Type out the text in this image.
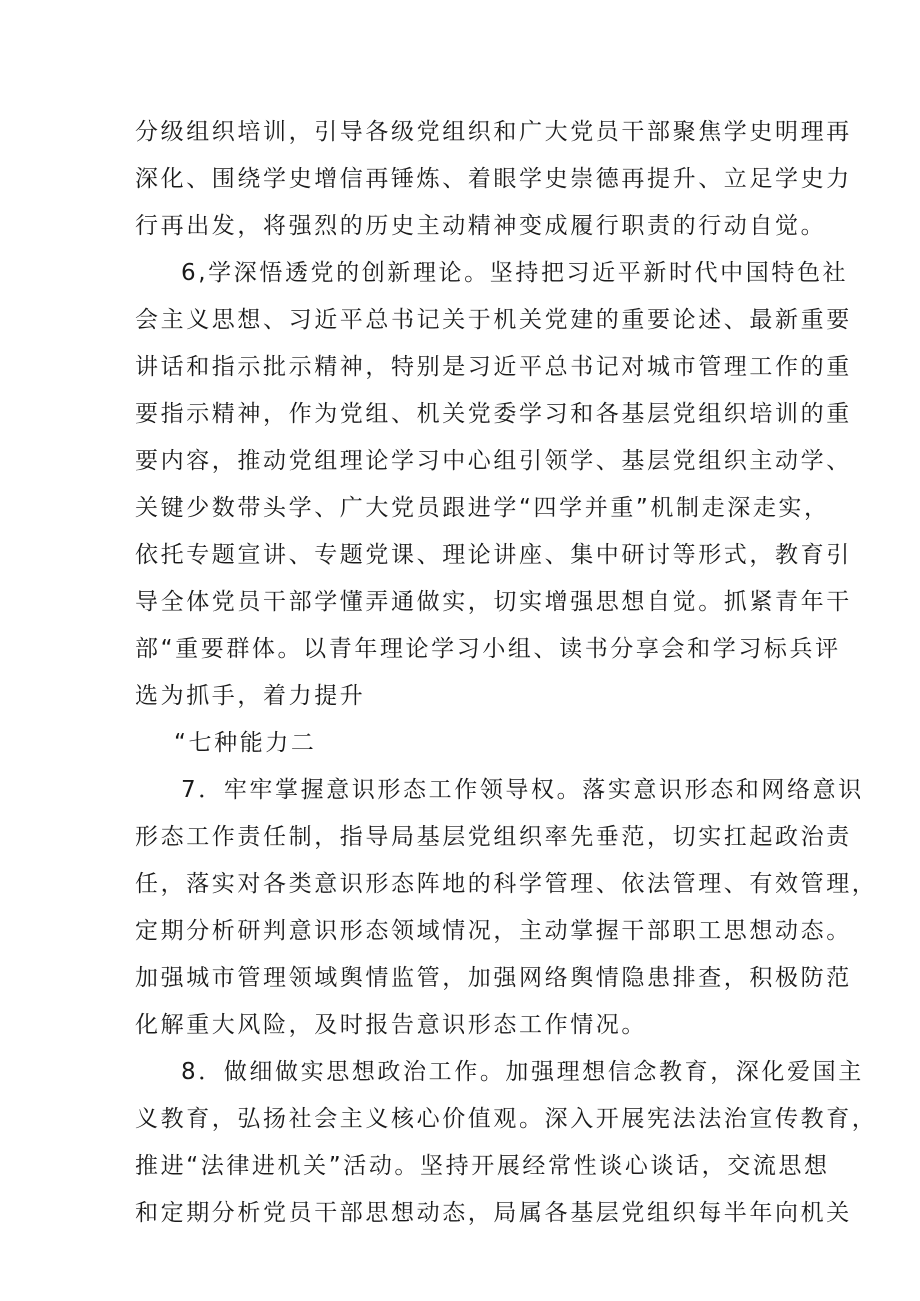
分级组织培训，引导各级党组织和广大党员干部聚焦学史明理再
深化、围绕学史增信再锤炼、着眼学史崇德再提升、立足学史力
行再出发，将强烈的历史主动精神变成履行职责的行动自觉。
6,学深悟透党的创新理论。坚持把习近平新时代中国特色社
会主义思想、习近平总书记关于机关党建的重要论述、最新重要
讲话和指示批示精神，特别是习近平总书记对城市管理工作的重
要指示精神，作为党组、机关党委学习和各基层党组织培训的重
要内容，推动党组理论学习中心组引领学、基层党组织主动学、
关键少数带头学、广大党员跟进学“四学并重”机制走深走实，
依托专题宣讲、专题党课、理论讲座、集中研讨等形式，教育引
导全体党员干部学懂弄通做实，切实增强思想自觉。抓紧青年干
部“重要群体。以青年理论学习小组、读书分享会和学习标兵评
选为抓手，着力提升
“七种能力二
7．牢牢掌握意识形态工作领导权。落实意识形态和网络意识
形态工作责任制，指导局基层党组织率先垂范，切实扛起政治责
任，落实对各类意识形态阵地的科学管理、依法管理、有效管理，
定期分析研判意识形态领域情况，主动掌握干部职工思想动态。
加强城市管理领域舆情监管，加强网络舆情隐患排查，积极防范
化解重大风险，及时报告意识形态工作情况。
8．做细做实思想政治工作。加强理想信念教育，深化爱国主
义教育，弘扬社会主义核心价值观。深入开展宪法法治宣传教育，
推进“法律进机关”活动。坚持开展经常性谈心谈话，交流思想
和定期分析党员干部思想动态，局属各基层党组织每半年向机关
